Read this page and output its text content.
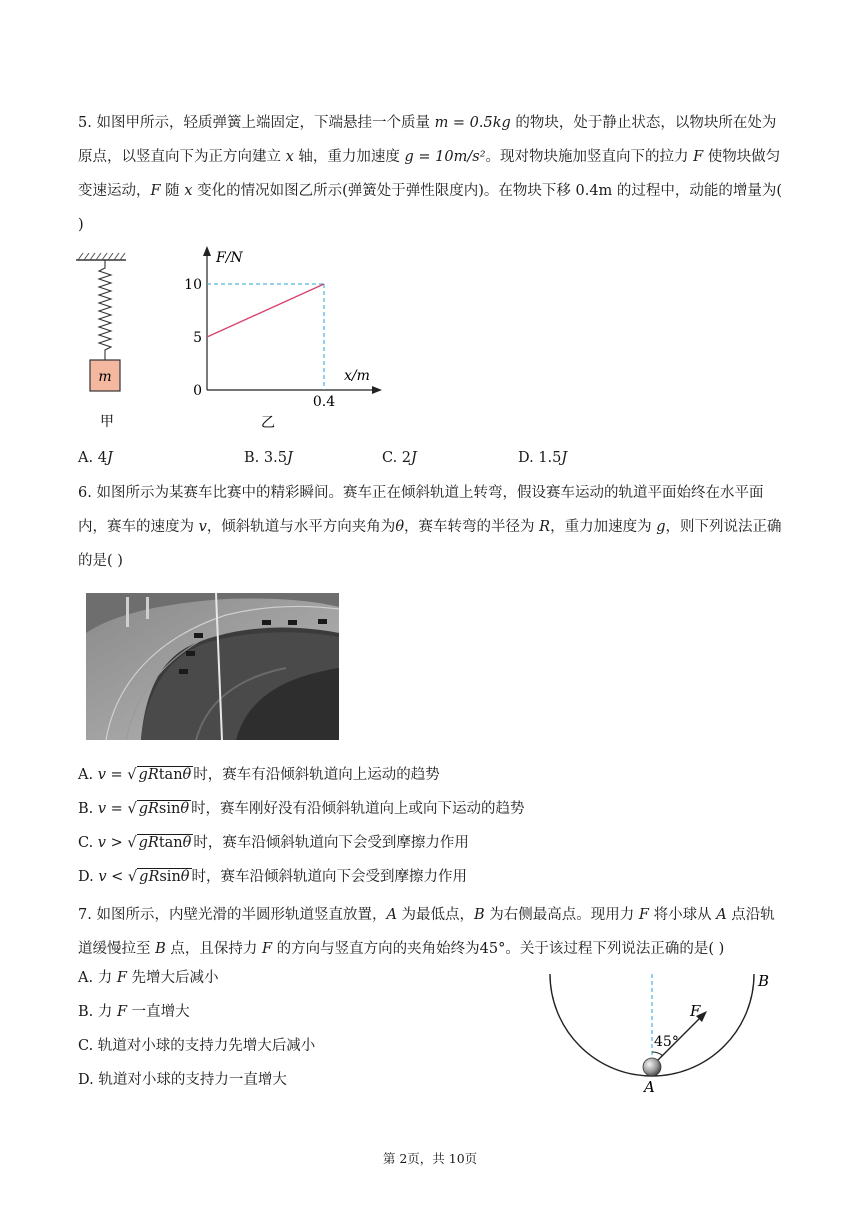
5. 如图甲所示，轻质弹簧上端固定，下端悬挂一个质量 m = 0.5kg 的物块，处于静止状态，以物块所在处为原点，以竖直向下为正方向建立 x 轴，重力加速度 g = 10m/s²。现对物块施加竖直向下的拉力 F 使物块做匀变速运动，F 随 x 变化的情况如图乙所示(弹簧处于弹性限度内)。在物块下移 0.4m 的过程中，动能的增量为( )

m
甲
F/N
x/m
10
5
0
0.4
乙
A. 4J	B. 3.5J	C. 2J	D. 1.5J

6. 如图所示为某赛车比赛中的精彩瞬间。赛车正在倾斜轨道上转弯，假设赛车运动的轨道平面始终在水平面内，赛车的速度为 v，倾斜轨道与水平方向夹角为θ，赛车转弯的半径为 R，重力加速度为 g，则下列说法正确的是( )

A. v = √ gRtanθ 时，赛车有沿倾斜轨道向上运动的趋势
B. v = √ gRsinθ 时，赛车刚好没有沿倾斜轨道向上或向下运动的趋势
C. v > √ gRtanθ 时，赛车沿倾斜轨道向下会受到摩擦力作用
D. v < √ gRsinθ 时，赛车沿倾斜轨道向下会受到摩擦力作用

7. 如图所示，内壁光滑的半圆形轨道竖直放置，A 为最低点，B 为右侧最高点。现用力 F 将小球从 A 点沿轨道缓慢拉至 B 点，且保持力 F 的方向与竖直方向的夹角始终为45°。关于该过程下列说法正确的是( )

A. 力 F 先增大后减小
B. 力 F 一直增大
C. 轨道对小球的支持力先增大后减小
D. 轨道对小球的支持力一直增大
45°
F
B
A
第 2页，共 10页
